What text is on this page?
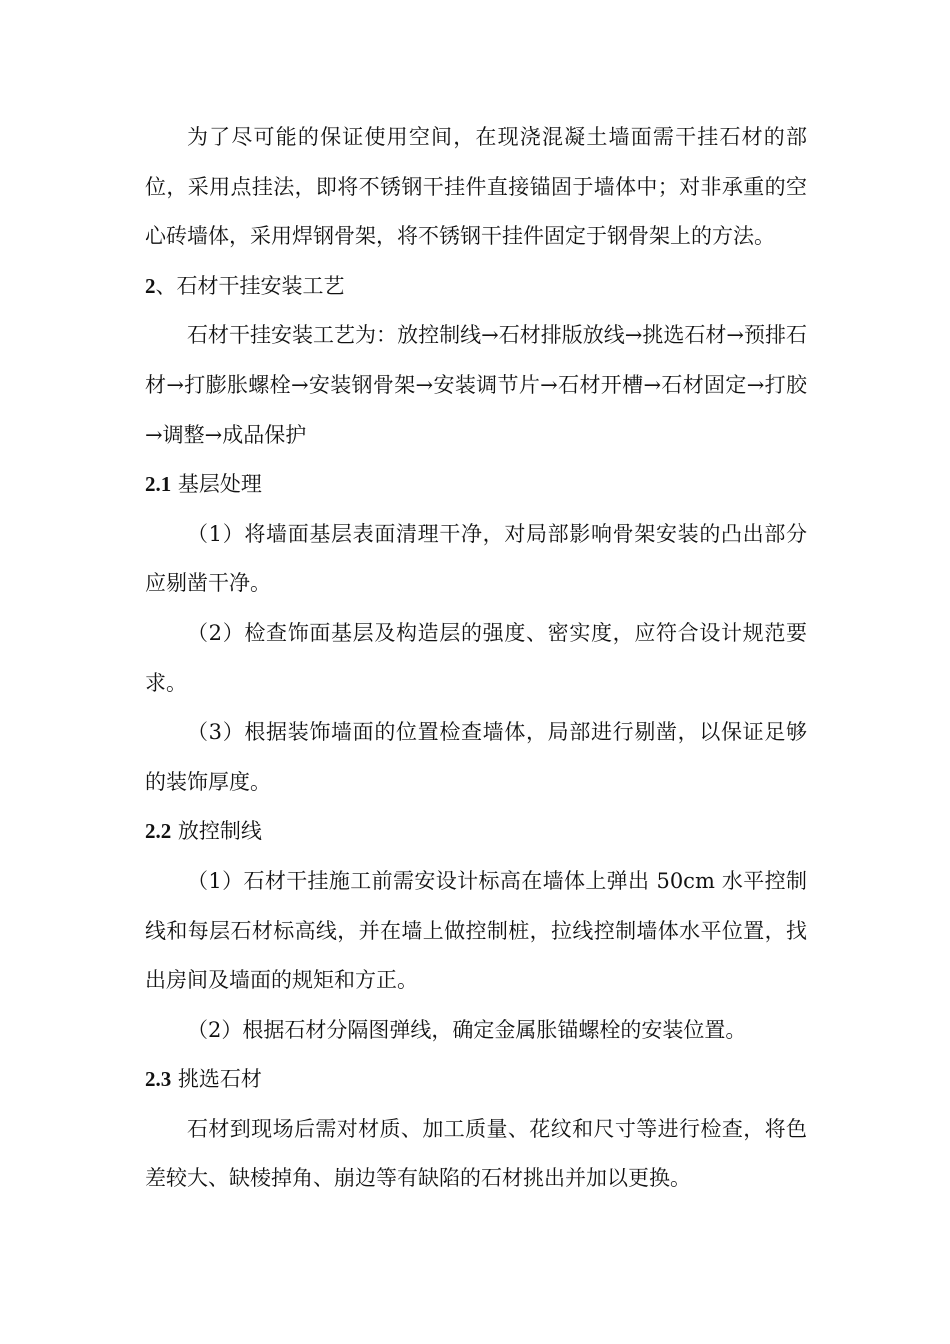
为了尽可能的保证使用空间，在现浇混凝土墙面需干挂石材的部位，采用点挂法，即将不锈钢干挂件直接锚固于墙体中；对非承重的空心砖墙体，采用焊钢骨架，将不锈钢干挂件固定于钢骨架上的方法。

2、石材干挂安装工艺

石材干挂安装工艺为：放控制线→石材排版放线→挑选石材→预排石材→打膨胀螺栓→安装钢骨架→安装调节片→石材开槽→石材固定→打胶→调整→成品保护

2.1 基层处理

（1）将墙面基层表面清理干净，对局部影响骨架安装的凸出部分应剔凿干净。

（2）检查饰面基层及构造层的强度、密实度，应符合设计规范要求。

（3）根据装饰墙面的位置检查墙体，局部进行剔凿，以保证足够的装饰厚度。

2.2 放控制线

（1）石材干挂施工前需安设计标高在墙体上弹出 50cm 水平控制线和每层石材标高线，并在墙上做控制桩，拉线控制墙体水平位置，找出房间及墙面的规矩和方正。

（2）根据石材分隔图弹线，确定金属胀锚螺栓的安装位置。

2.3 挑选石材

石材到现场后需对材质、加工质量、花纹和尺寸等进行检查，将色差较大、缺棱掉角、崩边等有缺陷的石材挑出并加以更换。
